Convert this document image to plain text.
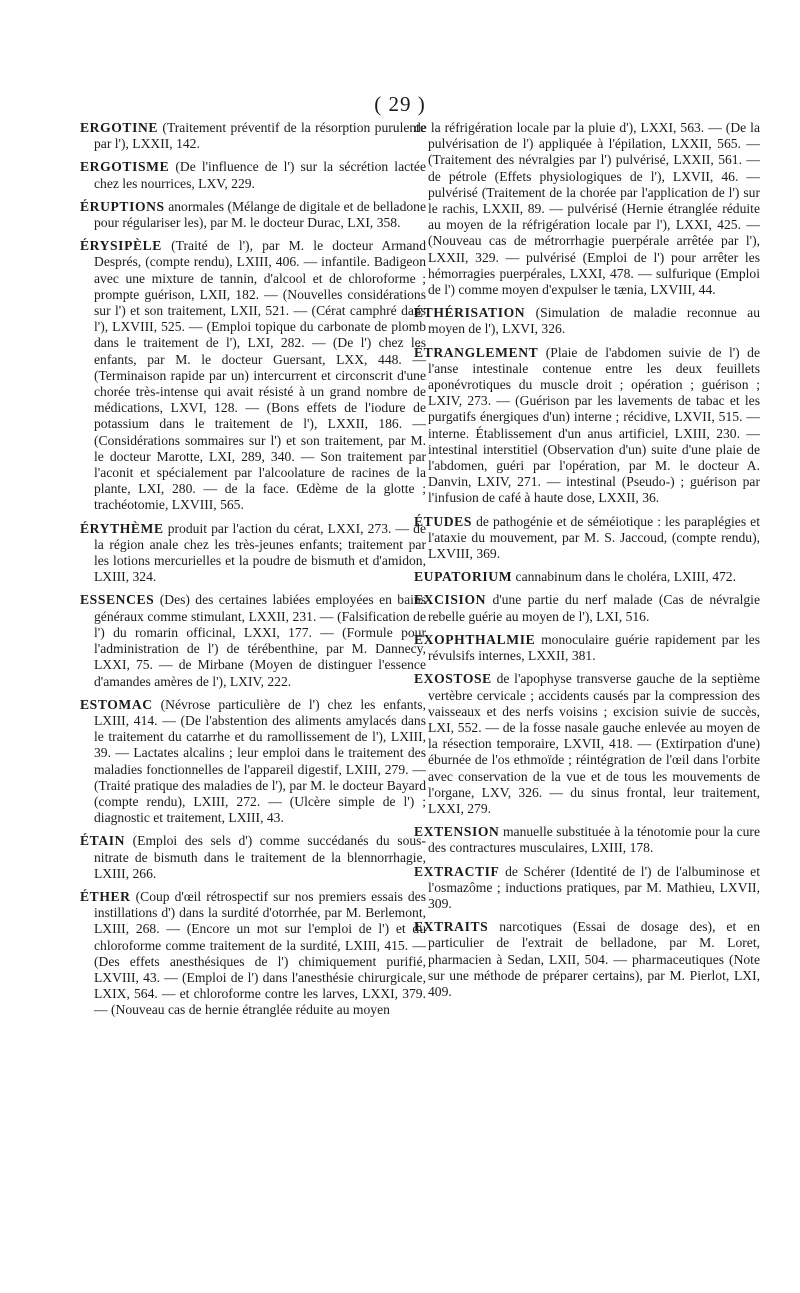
( 29 )

ERGOTINE (Traitement préventif de la résorption purulente par l'), LXXII, 142.

ERGOTISME (De l'influence de l') sur la sécrétion lactée chez les nourrices, LXV, 229.

ÉRUPTIONS anormales (Mélange de digitale et de belladone pour régulariser les), par M. le docteur Durac, LXI, 358.

ÉRYSIPÈLE (Traité de l'), par M. le docteur Armand Després, (compte rendu), LXIII, 406. — infantile. Badigeon avec une mixture de tannin, d'alcool et de chloroforme ; prompte guérison, LXII, 182. — (Nouvelles considérations sur l') et son traitement, LXII, 521. — (Cérat camphré dans l'), LXVIII, 525. — (Emploi topique du carbonate de plomb dans le traitement de l'), LXI, 282. — (De l') chez les enfants, par M. le docteur Guersant, LXX, 448. — (Terminaison rapide par un) intercurrent et circonscrit d'une chorée très-intense qui avait résisté à un grand nombre de médications, LXVI, 128. — (Bons effets de l'iodure de potassium dans le traitement de l'), LXXII, 186. — (Considérations sommaires sur l') et son traitement, par M. le docteur Marotte, LXI, 289, 340. — Son traitement par l'aconit et spécialement par l'alcoolature de racines de la plante, LXI, 280. — de la face. Œdème de la glotte ; trachéotomie, LXVIII, 565.

ÉRYTHÈME produit par l'action du cérat, LXXI, 273. — de la région anale chez les très-jeunes enfants; traitement par les lotions mercurielles et la poudre de bismuth et d'amidon, LXIII, 324.

ESSENCES (Des) des certaines labiées employées en bains généraux comme stimulant, LXXII, 231. — (Falsification de l') du romarin officinal, LXXI, 177. — (Formule pour l'administration de l') de térébenthine, par M. Dannecy, LXXI, 75. — de Mirbane (Moyen de distinguer l'essence d'amandes amères de l'), LXIV, 222.

ESTOMAC (Névrose particulière de l') chez les enfants, LXIII, 414. — (De l'abstention des aliments amylacés dans le traitement du catarrhe et du ramollissement de l'), LXIII, 39. — Lactates alcalins ; leur emploi dans le traitement des maladies fonctionnelles de l'appareil digestif, LXIII, 279. — (Traité pratique des maladies de l'), par M. le docteur Bayard (compte rendu), LXIII, 272. — (Ulcère simple de l') ; diagnostic et traitement, LXIII, 43.

ÉTAIN (Emploi des sels d') comme succédanés du sous-nitrate de bismuth dans le traitement de la blennorrhagie, LXIII, 266.

ÉTHER (Coup d'œil rétrospectif sur nos premiers essais des instillations d') dans la surdité d'otorrhée, par M. Berlemont, LXIII, 268. — (Encore un mot sur l'emploi de l') et du chloroforme comme traitement de la surdité, LXIII, 415. — (Des effets anesthésiques de l') chimiquement purifié, LXVIII, 43. — (Emploi de l') dans l'anesthésie chirurgicale, LXIX, 564. — et chloroforme contre les larves, LXXI, 379. — (Nouveau cas de hernie étranglée réduite au moyen

de la réfrigération locale par la pluie d'), LXXI, 563. — (De la pulvérisation de l') appliquée à l'épilation, LXXII, 565. — (Traitement des névralgies par l') pulvérisé, LXXII, 561. — de pétrole (Effets physiologiques de l'), LXVII, 46. — pulvérisé (Traitement de la chorée par l'application de l') sur le rachis, LXXII, 89. — pulvérisé (Hernie étranglée réduite au moyen de la réfrigération locale par l'), LXXI, 425. — (Nouveau cas de métrorrhagie puerpérale arrêtée par l'), LXXII, 329. — pulvérisé (Emploi de l') pour arrêter les hémorragies puerpérales, LXXI, 478. — sulfurique (Emploi de l') comme moyen d'expulser le tænia, LXVIII, 44.

ÉTHÉRISATION (Simulation de maladie reconnue au moyen de l'), LXVI, 326.

ÉTRANGLEMENT (Plaie de l'abdomen suivie de l') de l'anse intestinale contenue entre les deux feuillets aponévrotiques du muscle droit ; opération ; guérison ; LXIV, 273. — (Guérison par les lavements de tabac et les purgatifs énergiques d'un) interne ; récidive, LXVII, 515. — interne. Établissement d'un anus artificiel, LXIII, 230. — intestinal interstitiel (Observation d'un) suite d'une plaie de l'abdomen, guéri par l'opération, par M. le docteur A. Danvin, LXIV, 271. — intestinal (Pseudo-) ; guérison par l'infusion de café à haute dose, LXXII, 36.

ÉTUDES de pathogénie et de séméiotique : les paraplégies et l'ataxie du mouvement, par M. S. Jaccoud, (compte rendu), LXVIII, 369.

EUPATORIUM cannabinum dans le choléra, LXIII, 472.

EXCISION d'une partie du nerf malade (Cas de névralgie rebelle guérie au moyen de l'), LXI, 516.

EXOPHTHALMIE monoculaire guérie rapidement par les révulsifs internes, LXXII, 381.

EXOSTOSE de l'apophyse transverse gauche de la septième vertèbre cervicale ; accidents causés par la compression des vaisseaux et des nerfs voisins ; excision suivie de succès, LXI, 552. — de la fosse nasale gauche enlevée au moyen de la résection temporaire, LXVII, 418. — (Extirpation d'une) éburnée de l'os ethmoïde ; réintégration de l'œil dans l'orbite avec conservation de la vue et de tous les mouvements de l'organe, LXV, 326. — du sinus frontal, leur traitement, LXXI, 279.

EXTENSION manuelle substituée à la ténotomie pour la cure des contractures musculaires, LXIII, 178.

EXTRACTIF de Schérer (Identité de l') de l'albuminose et l'osmazôme ; inductions pratiques, par M. Mathieu, LXVII, 309.

EXTRAITS narcotiques (Essai de dosage des), et en particulier de l'extrait de belladone, par M. Loret, pharmacien à Sedan, LXII, 504. — pharmaceutiques (Note sur une méthode de préparer certains), par M. Pierlot, LXI, 409.
